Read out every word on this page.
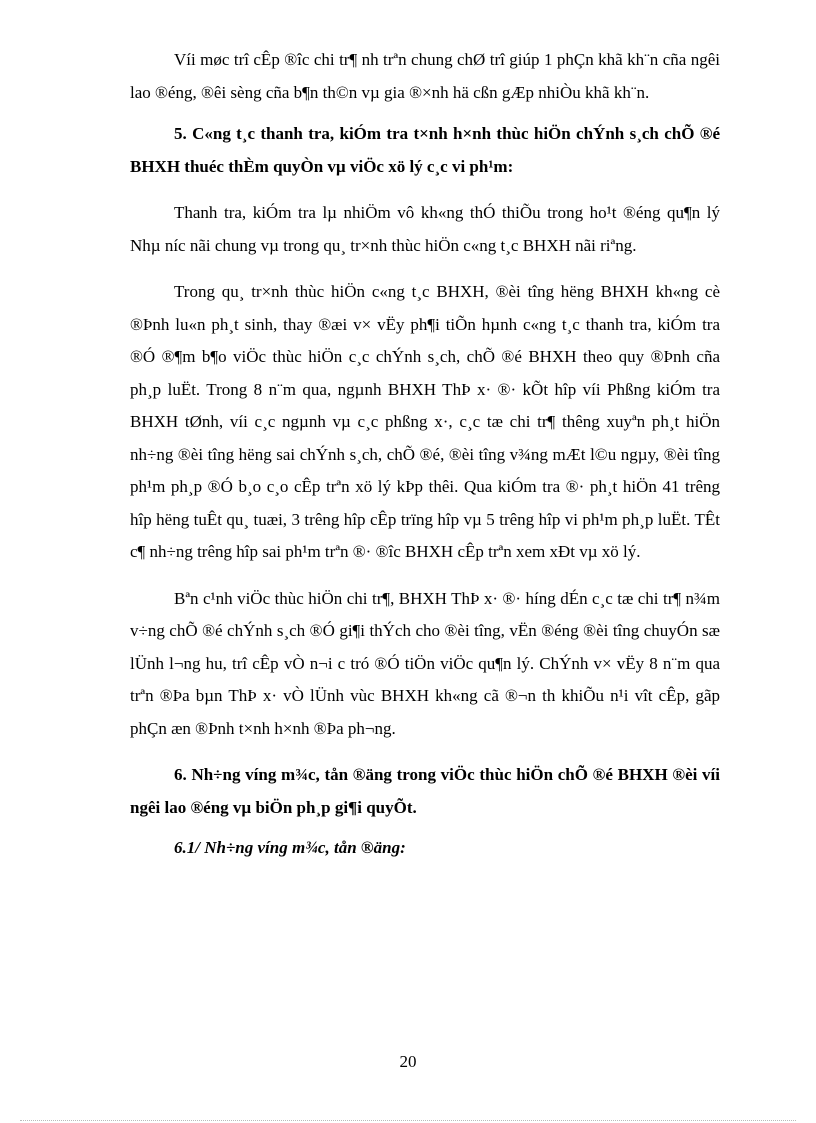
Víi møc trî cÊp ®îc chi tr¶ nh trªn chung chØ trî giúp 1 phÇn khã kh¨n cña ngêi lao ®éng, ®êi sèng cña b¶n th©n vµ gia ®×nh hä cßn gÆp nhiÒu khã kh¨n.

5. C«ng t¸c thanh tra, kiÓm tra t×nh h×nh thùc hiÖn chÝnh s¸ch chÕ ®é BHXH thuéc thÈm quyÒn vµ viÖc xö lý c¸c vi ph¹m:

Thanh tra, kiÓm tra lµ nhiÖm vô kh«ng thÓ thiÕu trong ho¹t ®éng qu¶n lý Nhµ níc nãi chung vµ trong qu¸ tr×nh thùc hiÖn c«ng t¸c BHXH nãi riªng.

Trong qu¸ tr×nh thùc hiÖn c«ng t¸c BHXH, ®èi tîng hëng BHXH kh«ng cè ®Þnh lu«n ph¸t sinh, thay ®æi v× vËy ph¶i tiÕn hµnh c«ng t¸c thanh tra, kiÓm tra ®Ó ®¶m b¶o viÖc thùc hiÖn c¸c chÝnh s¸ch, chÕ ®é BHXH theo quy ®Þnh cña ph¸p luËt. Trong 8 n¨m qua, ngµnh BHXH ThÞ x· ®· kÕt hîp víi Phßng kiÓm tra BHXH tØnh, víi c¸c ngµnh vµ c¸c phßng x·, c¸c tæ chi tr¶ thêng xuyªn ph¸t hiÖn nh÷ng ®èi tîng hëng sai chÝnh s¸ch, chÕ ®é, ®èi tîng v¾ng mÆt l©u ngµy, ®èi tîng ph¹m ph¸p ®Ó b¸o c¸o cÊp trªn xö lý kÞp thêi. Qua kiÓm tra ®· ph¸t hiÖn 41 trêng hîp hëng tuÊt qu¸ tuæi, 3 trêng hîp cÊp trïng hîp vµ 5 trêng hîp vi ph¹m ph¸p luËt. TÊt c¶ nh÷ng trêng hîp sai ph¹m trªn ®· ®îc BHXH cÊp trªn xem xÐt vµ xö lý.

Bªn c¹nh viÖc thùc hiÖn chi tr¶, BHXH ThÞ x· ®· híng dÉn c¸c tæ chi tr¶ n¾m v÷ng chÕ ®é chÝnh s¸ch ®Ó gi¶i thÝch cho ®èi tîng, vËn ®éng ®èi tîng chuyÓn sæ lÜnh l¬ng hu, trî cÊp vÒ n¬i c tró ®Ó tiÖn viÖc qu¶n lý. ChÝnh v× vËy 8 n¨m qua trªn ®Þa bµn ThÞ x· vÒ lÜnh vùc BHXH kh«ng cã ®¬n th khiÕu n¹i vît cÊp, gãp phÇn æn ®Þnh t×nh h×nh ®Þa ph¬ng.

6. Nh÷ng víng m¾c, tån ®äng trong viÖc thùc hiÖn chÕ ®é BHXH ®èi víi ngêi lao ®éng vµ biÖn ph¸p gi¶i quyÕt.

6.1/ Nh÷ng víng m¾c, tån ®äng:

20
